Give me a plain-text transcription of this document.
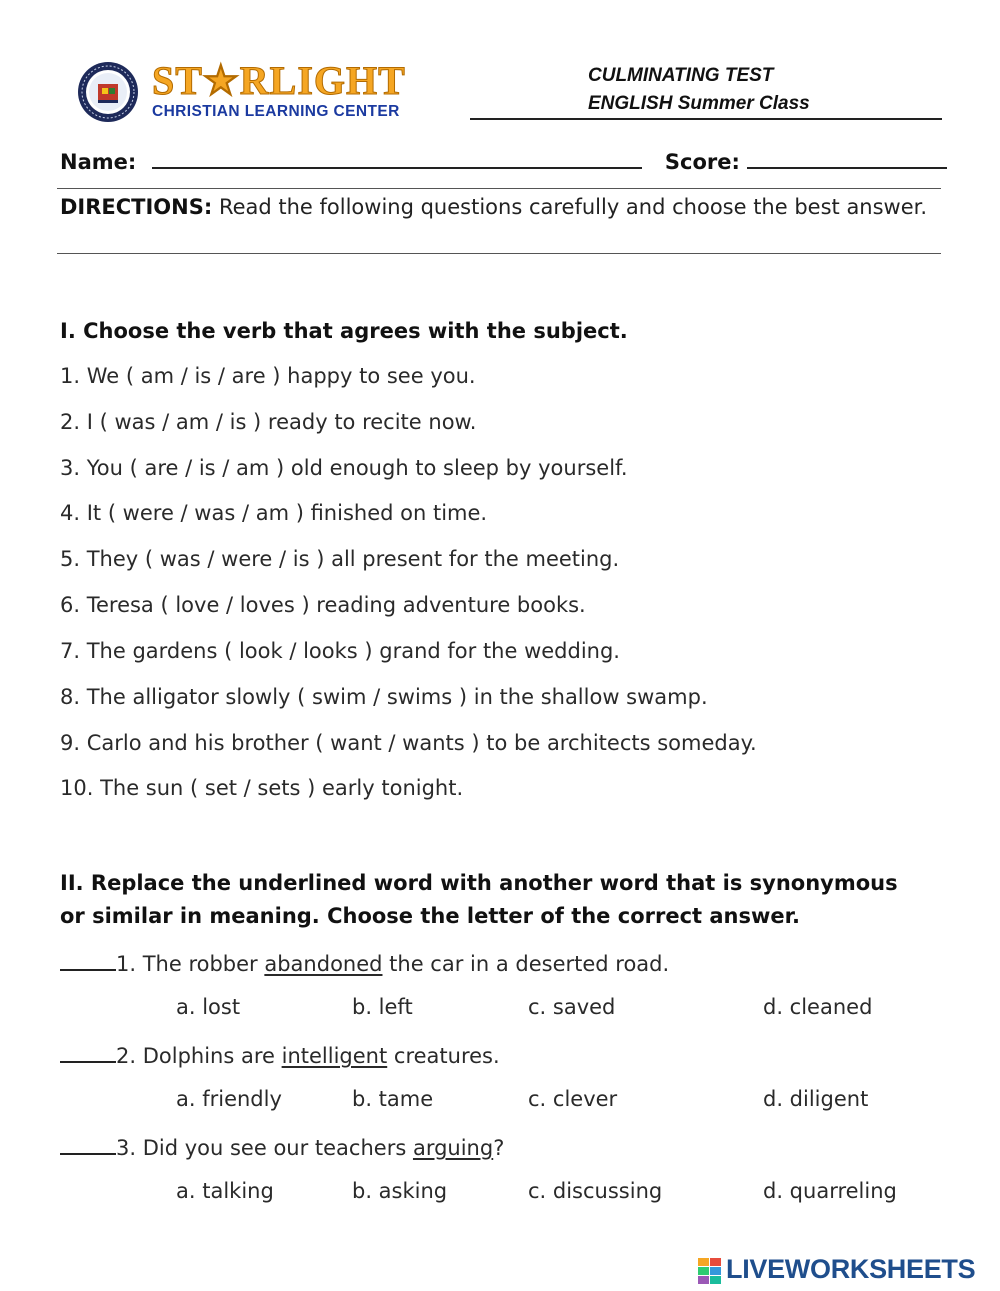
ST★RLIGHT
CHRISTIAN LEARNING CENTER
CULMINATING TEST
ENGLISH Summer Class
Name:	Score:
DIRECTIONS: Read the following questions carefully and choose the best answer.
I. Choose the verb that agrees with the subject.
1. We ( am / is / are ) happy to see you.
2. I ( was / am / is ) ready to recite now.
3. You ( are / is / am ) old enough to sleep by yourself.
4. It ( were / was / am ) finished on time.
5. They ( was / were / is ) all present for the meeting.
6. Teresa ( love / loves ) reading adventure books.
7. The gardens ( look / looks ) grand for the wedding.
8. The alligator slowly ( swim / swims ) in the shallow swamp.
9. Carlo and his brother ( want / wants ) to be architects someday.
10. The sun ( set / sets ) early tonight.
II. Replace the underlined word with another word that is synonymous
or similar in meaning. Choose the letter of the correct answer.
1. The robber abandoned the car in a deserted road.
a. lost	b. left	c. saved	d. cleaned
2. Dolphins are intelligent creatures.
a. friendly	b. tame	c. clever	d. diligent
3. Did you see our teachers arguing?
a. talking	b. asking	c. discussing	d. quarreling
LIVEWORKSHEETS
